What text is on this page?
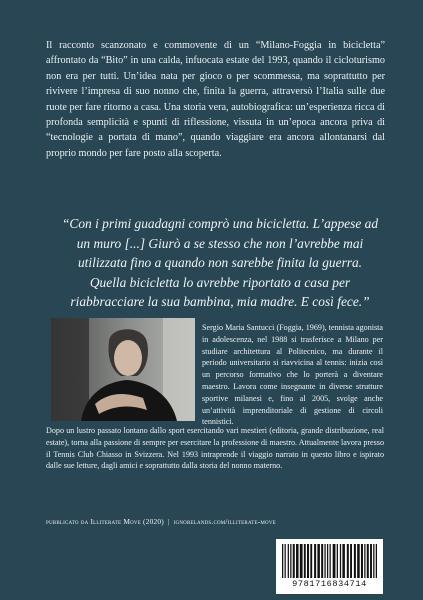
Il racconto scanzonato e commovente di un “Milano-Foggia in bicicletta” affrontato da “Bito” in una calda, infuocata estate del 1993, quando il cicloturismo non era per tutti. Un’idea nata per gioco o per scommessa, ma soprattutto per rivivere l’impresa di suo nonno che, finita la guerra, attraversò l’Italia sulle due ruote per fare ritorno a casa. Una storia vera, autobiografica: un’esperienza ricca di profonda semplicità e spunti di riflessione, vissuta in un’epoca ancora priva di “tecnologie a portata di mano”, quando viaggiare era ancora allontanarsi dal proprio mondo per fare posto alla scoperta.

“Con i primi guadagni comprò una bicicletta. L’appese ad un muro [...] Giurò a se stesso che non l’avrebbe mai utilizzata fino a quando non sarebbe finita la guerra. Quella bicicletta lo avrebbe riportato a casa per riabbracciare la sua bambina, mia madre. E così fece.”

Sergio Maria Santucci (Foggia, 1969), tennista agonista in adolescenza, nel 1988 si trasferisce a Milano per studiare architettura al Politecnico, ma durante il periodo universitario si riavvicina al tennis: inizia così un percorso formativo che lo porterà a diventare maestro. Lavora come insegnante in diverse strutture sportive milanesi e, fino al 2005, svolge anche un’attività imprenditoriale di gestione di circoli tennistici.

Dopo un lustro passato lontano dallo sport esercitando vari mestieri (editoria, grande distribuzione, real estate), torna alla passione di sempre per esercitare la professione di maestro. Attualmente lavora presso il Tennis Club Chiasso in Svizzera. Nel 1993 intraprende il viaggio narrato in questo libro e ispirato dalle sue letture, dagli amici e soprattutto dalla storia del nonno materno.

pubblicato da Illiterate Move (2020) | ignorelands.com/illiterate-move
9781716834714
